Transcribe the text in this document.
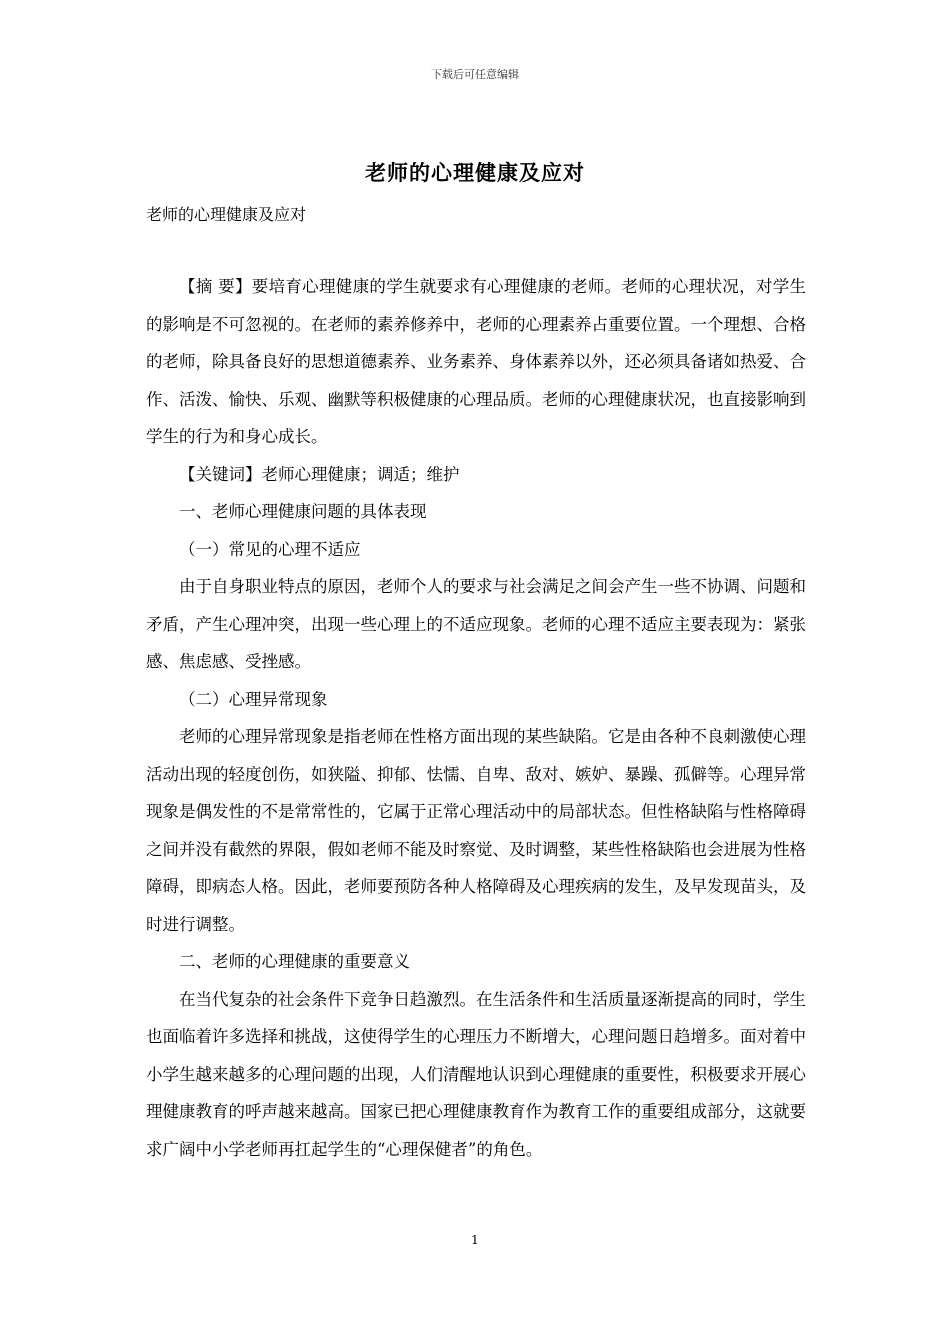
下载后可任意编辑
老师的心理健康及应对
老师的心理健康及应对

【摘 要】要培育心理健康的学生就要求有心理健康的老师。老师的心理状况，对学生的影响是不可忽视的。在老师的素养修养中，老师的心理素养占重要位置。一个理想、合格的老师，除具备良好的思想道德素养、业务素养、身体素养以外，还必须具备诸如热爱、合作、活泼、愉快、乐观、幽默等积极健康的心理品质。老师的心理健康状况，也直接影响到学生的行为和身心成长。

【关键词】老师心理健康；调适；维护

一、老师心理健康问题的具体表现

（一）常见的心理不适应

由于自身职业特点的原因，老师个人的要求与社会满足之间会产生一些不协调、问题和矛盾，产生心理冲突，出现一些心理上的不适应现象。老师的心理不适应主要表现为：紧张感、焦虑感、受挫感。

（二）心理异常现象

老师的心理异常现象是指老师在性格方面出现的某些缺陷。它是由各种不良刺激使心理活动出现的轻度创伤，如狭隘、抑郁、怯懦、自卑、敌对、嫉妒、暴躁、孤僻等。心理异常现象是偶发性的不是常常性的，它属于正常心理活动中的局部状态。但性格缺陷与性格障碍之间并没有截然的界限，假如老师不能及时察觉、及时调整，某些性格缺陷也会进展为性格障碍，即病态人格。因此，老师要预防各种人格障碍及心理疾病的发生，及早发现苗头，及时进行调整。

二、老师的心理健康的重要意义

在当代复杂的社会条件下竞争日趋激烈。在生活条件和生活质量逐渐提高的同时，学生也面临着许多选择和挑战，这使得学生的心理压力不断增大，心理问题日趋增多。面对着中小学生越来越多的心理问题的出现，人们清醒地认识到心理健康的重要性，积极要求开展心理健康教育的呼声越来越高。国家已把心理健康教育作为教育工作的重要组成部分，这就要求广阔中小学老师再扛起学生的“心理保健者”的角色。

1
